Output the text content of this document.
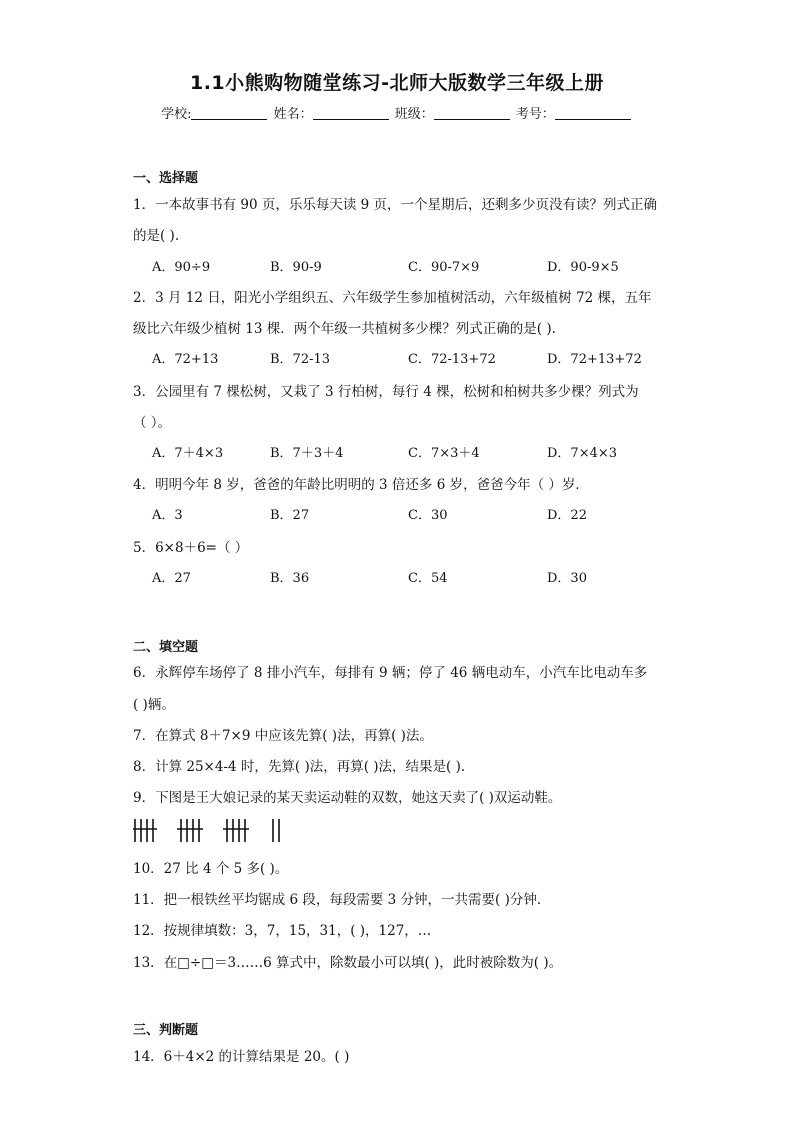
1.1小熊购物随堂练习-北师大版数学三年级上册
学校:	姓名：	班级：	考号：
一、选择题
1．一本故事书有 90 页，乐乐每天读 9 页，一个星期后，还剩多少页没有读？列式正确
的是( ).
A．90÷9	B．90-9	C．90-7×9	D．90-9×5
2．3 月 12 日，阳光小学组织五、六年级学生参加植树活动，六年级植树 72 棵，五年
级比六年级少植树 13 棵．两个年级一共植树多少棵？列式正确的是( ).
A．72+13	B．72-13	C．72-13+72	D．72+13+72
3．公园里有 7 棵松树，又栽了 3 行柏树，每行 4 棵，松树和柏树共多少棵？列式为
（ ）。
A．7＋4×3	B．7＋3＋4	C．7×3＋4	D．7×4×3
4．明明今年 8 岁，爸爸的年龄比明明的 3 倍还多 6 岁，爸爸今年（ ）岁．
A．3	B．27	C．30	D．22
5．6×8＋6=（ ）
A．27	B．36	C．54	D．30
二、填空题
6．永辉停车场停了 8 排小汽车，每排有 9 辆；停了 46 辆电动车，小汽车比电动车多
( )辆。
7．在算式 8＋7×9 中应该先算( )法，再算( )法。
8．计算 25×4-4 时，先算( )法，再算( )法，结果是( ).
9．下图是王大娘记录的某天卖运动鞋的双数，她这天卖了( )双运动鞋。
10．27 比 4 个 5 多( )。
11．把一根铁丝平均锯成 6 段，每段需要 3 分钟，一共需要( )分钟．
12．按规律填数：3，7，15，31，( )，127，…
13．在□÷□＝3……6 算式中，除数最小可以填( )，此时被除数为( )。
三、判断题
14．6＋4×2 的计算结果是 20。( )
